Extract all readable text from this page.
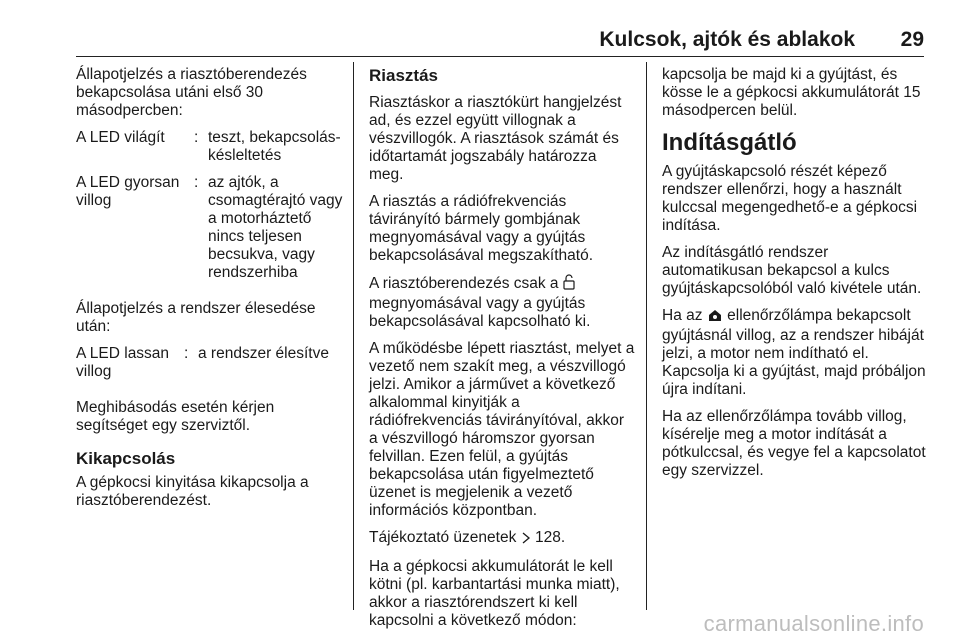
Kulcsok, ajtók és ablakok 29

Állapotjelzés a riasztóberendezés bekapcsolása utáni első 30 másodpercben:

A LED világít	: teszt, bekapcsolás-késleltetés
A LED gyorsan villog
: az ajtók, a csomagtérajtó vagy a motorháztető nincs teljesen becsukva, vagy rendszerhiba

Állapotjelzés a rendszer élesedése után:

A LED lassan villog
: a rendszer élesítve

Meghibásodás esetén kérjen segítséget egy szerviztől.

Kikapcsolás

A gépkocsi kinyitása kikapcsolja a riasztóberendezést.

Riasztás

Riasztáskor a riasztókürt hangjelzést ad, és ezzel együtt villognak a vészvillogók. A riasztások számát és időtartamát jogszabály határozza meg.

A riasztás a rádiófrekvenciás távirányító bármely gombjának megnyomásával vagy a gyújtás bekapcsolásával megszakítható.

A riasztóberendezés csak a  megnyomásával vagy a gyújtás bekapcsolásával kapcsolható ki.

A működésbe lépett riasztást, melyet a vezető nem szakít meg, a vészvillogó jelzi. Amikor a járművet a következő alkalommal kinyitják a rádiófrekvenciás távirányítóval, akkor a vészvillogó háromszor gyorsan felvillan. Ezen felül, a gyújtás bekapcsolása után figyelmeztető üzenet is megjelenik a vezető információs központban.

Tájékoztató üzenetek 128.

Ha a gépkocsi akkumulátorát le kell kötni (pl. karbantartási munka miatt), akkor a riasztórendszert ki kell kapcsolni a következő módon:

kapcsolja be majd ki a gyújtást, és kösse le a gépkocsi akkumulátorát 15 másodpercen belül.

Indításgátló

A gyújtáskapcsoló részét képező rendszer ellenőrzi, hogy a használt kulccsal megengedhető-e a gépkocsi indítása.

Az indításgátló rendszer automatikusan bekapcsol a kulcs gyújtáskapcsolóból való kivétele után.

Ha az ellenőrzőlámpa bekapcsolt gyújtásnál villog, az a rendszer hibáját jelzi, a motor nem indítható el. Kapcsolja ki a gyújtást, majd próbáljon újra indítani.

Ha az ellenőrzőlámpa tovább villog, kísérelje meg a motor indítását a pótkulccsal, és vegye fel a kapcsolatot egy szervizzel.

carmanualsonline.info
